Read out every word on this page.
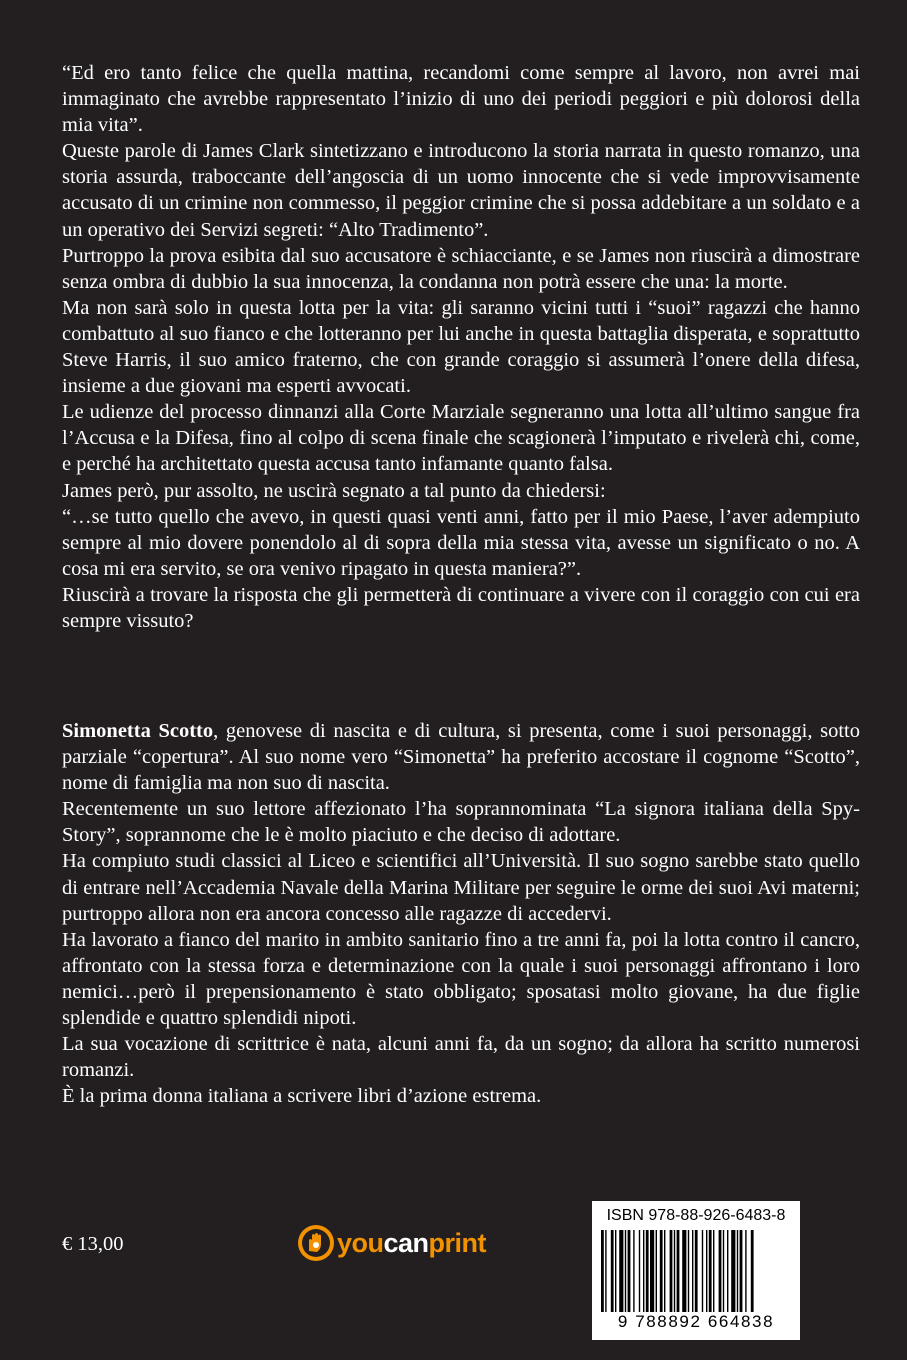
“Ed ero tanto felice che quella mattina, recandomi come sempre al lavoro, non avrei mai immaginato che avrebbe rappresentato l’inizio di uno dei periodi peggiori e più dolorosi della mia vita”.

Queste parole di James Clark sintetizzano e introducono la storia narrata in questo romanzo, una storia assurda, traboccante dell’angoscia di un uomo innocente che si vede improvvisamente accusato di un crimine non commesso, il peggior crimine che si possa addebitare a un soldato e a un operativo dei Servizi segreti: “Alto Tradimento”.

Purtroppo la prova esibita dal suo accusatore è schiacciante, e se James non riuscirà a dimostrare senza ombra di dubbio la sua innocenza, la condanna non potrà essere che una: la morte.

Ma non sarà solo in questa lotta per la vita: gli saranno vicini tutti i “suoi” ragazzi che hanno combattuto al suo fianco e che lotteranno per lui anche in questa battaglia disperata, e soprattutto Steve Harris, il suo amico fraterno, che con grande coraggio si assumerà l’onere della difesa, insieme a due giovani ma esperti avvocati.

Le udienze del processo dinnanzi alla Corte Marziale segneranno una lotta all’ultimo sangue fra l’Accusa e la Difesa, fino al colpo di scena finale che scagionerà l’imputato e rivelerà chi, come, e perché ha architettato questa accusa tanto infamante quanto falsa.

James però, pur assolto, ne uscirà segnato a tal punto da chiedersi:

“…se tutto quello che avevo, in questi quasi venti anni, fatto per il mio Paese, l’aver adempiuto sempre al mio dovere ponendolo al di sopra della mia stessa vita, avesse un significato o no. A cosa mi era servito, se ora venivo ripagato in questa maniera?”.

Riuscirà a trovare la risposta che gli permetterà di continuare a vivere con il coraggio con cui era sempre vissuto?

Simonetta Scotto, genovese di nascita e di cultura, si presenta, come i suoi personaggi, sotto parziale “copertura”. Al suo nome vero “Simonetta” ha preferito accostare il cognome “Scotto”, nome di famiglia ma non suo di nascita.

Recentemente un suo lettore affezionato l’ha soprannominata “La signora italiana della Spy-Story”, soprannome che le è molto piaciuto e che deciso di adottare.

Ha compiuto studi classici al Liceo e scientifici all’Università. Il suo sogno sarebbe stato quello di entrare nell’Accademia Navale della Marina Militare per seguire le orme dei suoi Avi materni; purtroppo allora non era ancora concesso alle ragazze di accedervi.

Ha lavorato a fianco del marito in ambito sanitario fino a tre anni fa, poi la lotta contro il cancro, affrontato con la stessa forza e determinazione con la quale i suoi personaggi affrontano i loro nemici…però il prepensionamento è stato obbligato; sposatasi molto giovane, ha due figlie splendide e quattro splendidi nipoti.

La sua vocazione di scrittrice è nata, alcuni anni fa, da un sogno; da allora ha scritto numerosi romanzi.

È la prima donna italiana a scrivere libri d’azione estrema.

€ 13,00	youcanprint
ISBN 978-88-926-6483-8
9 788892 664838
